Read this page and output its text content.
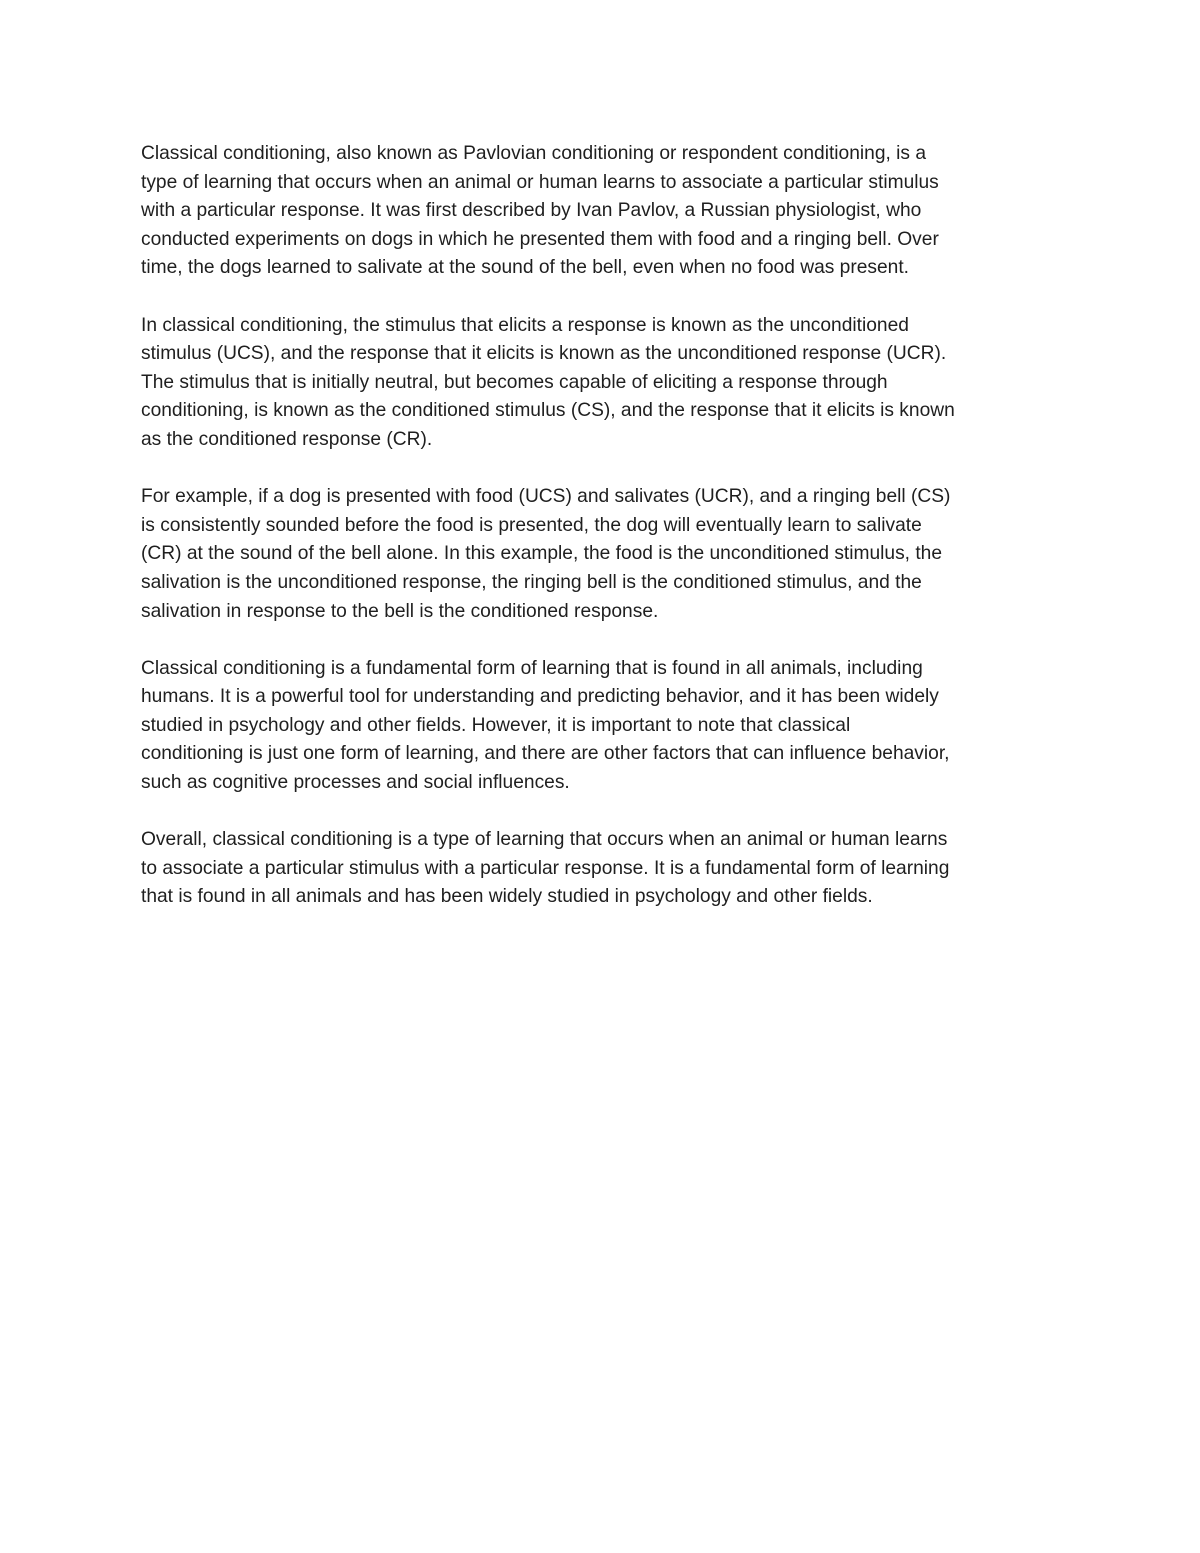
Classical conditioning, also known as Pavlovian conditioning or respondent conditioning, is a
type of learning that occurs when an animal or human learns to associate a particular stimulus
with a particular response. It was first described by Ivan Pavlov, a Russian physiologist, who
conducted experiments on dogs in which he presented them with food and a ringing bell. Over
time, the dogs learned to salivate at the sound of the bell, even when no food was present.

In classical conditioning, the stimulus that elicits a response is known as the unconditioned
stimulus (UCS), and the response that it elicits is known as the unconditioned response (UCR).
The stimulus that is initially neutral, but becomes capable of eliciting a response through
conditioning, is known as the conditioned stimulus (CS), and the response that it elicits is known
as the conditioned response (CR).

For example, if a dog is presented with food (UCS) and salivates (UCR), and a ringing bell (CS)
is consistently sounded before the food is presented, the dog will eventually learn to salivate
(CR) at the sound of the bell alone. In this example, the food is the unconditioned stimulus, the
salivation is the unconditioned response, the ringing bell is the conditioned stimulus, and the
salivation in response to the bell is the conditioned response.

Classical conditioning is a fundamental form of learning that is found in all animals, including
humans. It is a powerful tool for understanding and predicting behavior, and it has been widely
studied in psychology and other fields. However, it is important to note that classical
conditioning is just one form of learning, and there are other factors that can influence behavior,
such as cognitive processes and social influences.

Overall, classical conditioning is a type of learning that occurs when an animal or human learns
to associate a particular stimulus with a particular response. It is a fundamental form of learning
that is found in all animals and has been widely studied in psychology and other fields.
